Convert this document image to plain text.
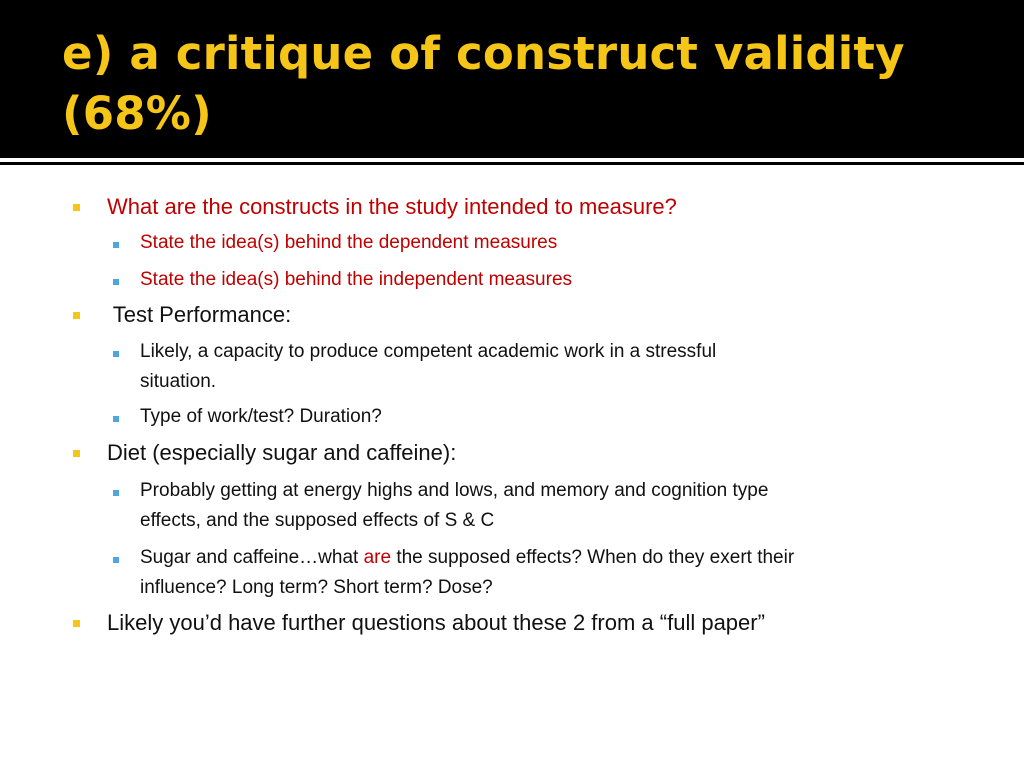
e) a critique of construct validity
(68%)
What are the constructs in the study intended to measure?
State the idea(s) behind the dependent measures
State the idea(s) behind the independent measures
Test Performance:
Likely, a capacity to produce competent academic work in a stressful
situation.
Type of work/test? Duration?
Diet (especially sugar and caffeine):
Probably getting at energy highs and lows, and memory and cognition type
effects, and the supposed effects of S & C
Sugar and caffeine…what are the supposed effects? When do they exert their
influence? Long term? Short term? Dose?
Likely you’d have further questions about these 2 from a “full paper”
